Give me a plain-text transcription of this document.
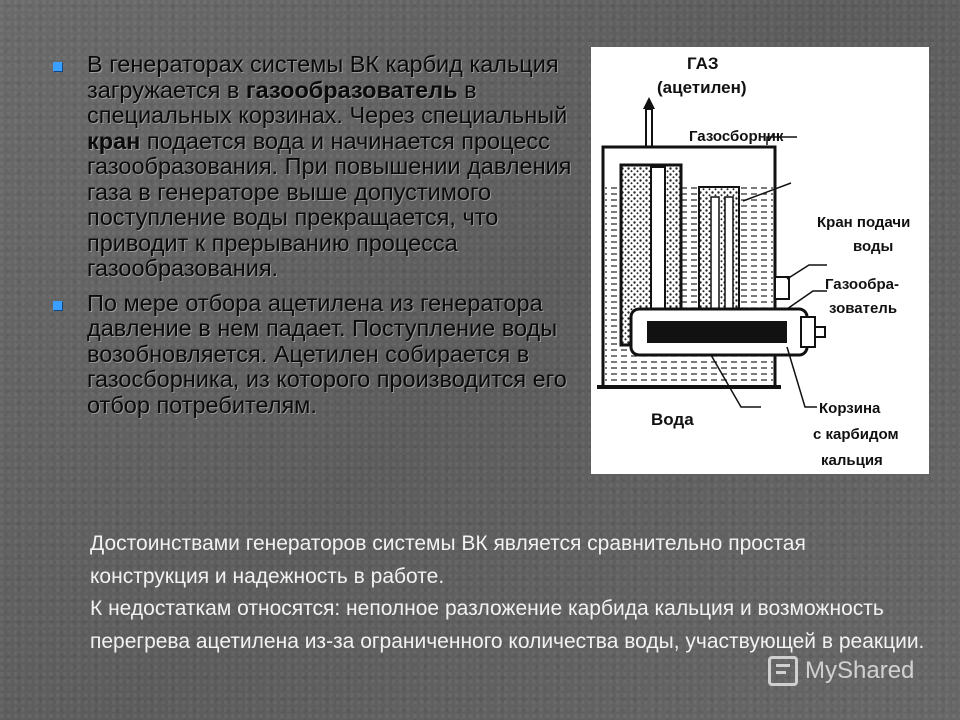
В генераторах системы ВК карбид кальция загружается в газообразователь в специальных корзинах. Через специальный кран подается вода и начинается процесс газообразования. При повышении давления газа в генераторе выше допустимого поступление воды прекращается, что приводит к прерыванию процесса газообразования.
По мере отбора ацетилена из генератора давление в нем падает. Поступление воды возобновляется. Ацетилен собирается в газосборника, из которого производится его отбор потребителям.
ГАЗ
(ацетилен)
Газосборник
Кран подачи
воды
Газообра-
зователь
Вода
Корзина
с карбидом
кальция

Достоинствами генераторов системы ВК является сравнительно простая конструкция и надежность в работе.

К недостаткам относятся: неполное разложение карбида кальция и возможность перегрева ацетилена из-за ограниченного количества воды, участвующей в реакции.

MyShared
